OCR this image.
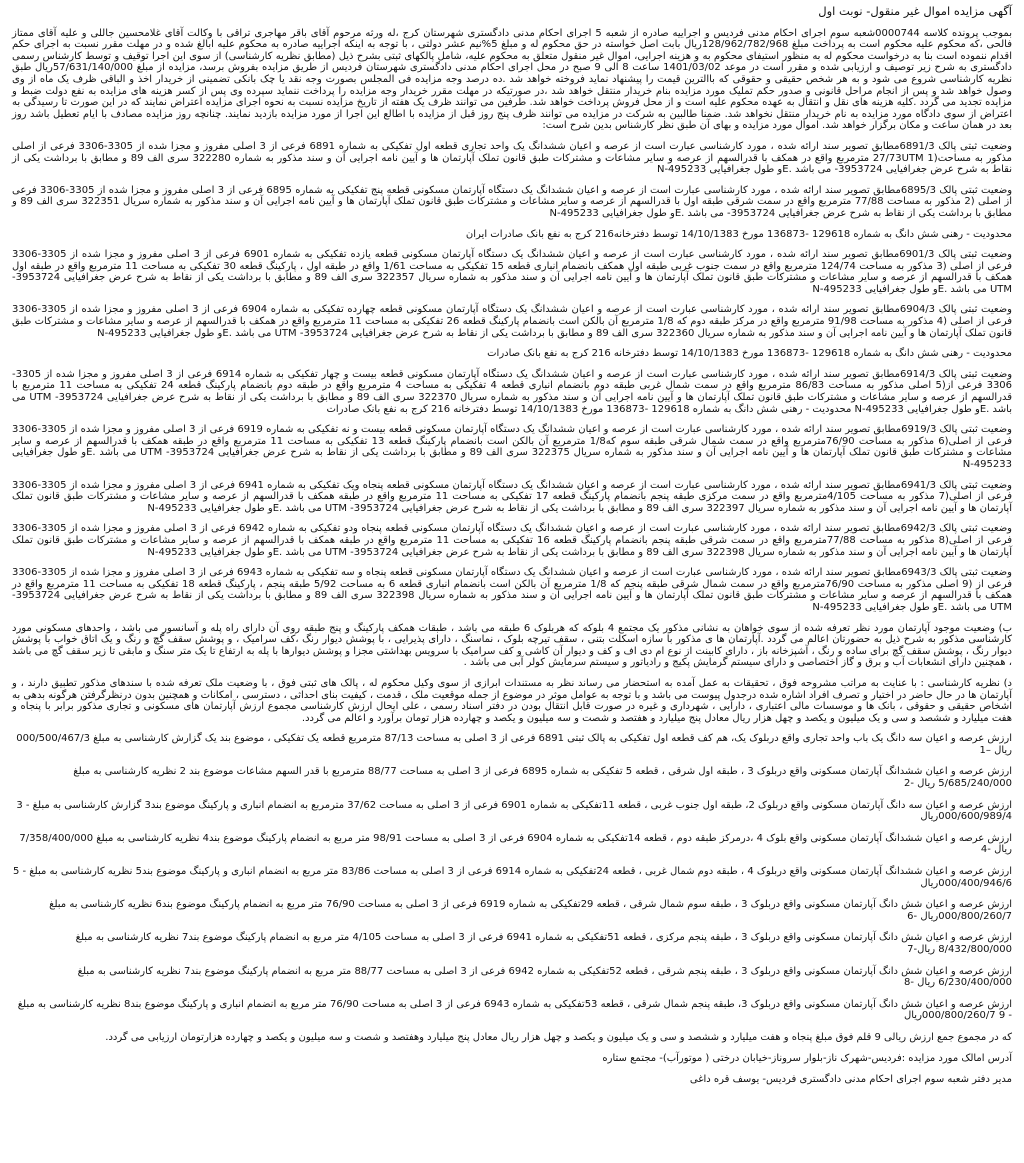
آگهی مزایده اموال غیر منقول- نوبت اول
بموجب پرونده کلاسه 0000744شعبه سوم اجرای احکام مدنی فردیس و اجراییه صادره از شعبه 5 اجرای احکام مدنی دادگستری شهرستان کرج ،له ورثه مرحوم آقای باقر مهاجری تراقی با وکالت آقای غلامحسین جاللی و علیه آقای ممتاز فالحی ،که محکوم علیه محکوم است به پرداخت مبلغ 128/962/782/968ریال بابت اصل خواسته در حق محکوم له و مبلغ 5%نیم عشر دولتی ، با توجه به اینکه اجراییه صادره به محکوم علیه ابالغ شده و در مهلت مقرر نسبت به اجرای حکم اقدام ننموده است بنا به درخواست محکوم له به منظور استیفای محکوم به و هزینه اجرایی، اموال غیر منقول متعلق به محکوم علیه، شامل پالکهای ثبتی بشرح ذیل (مطابق نظریه کارشناسی) از سوی این اجرا توقیف و توسط کارشناس رسمی دادگستری به شرح زیر توصیف و ارزیابی شده و مقرر است در موعد 1401/03/02 ساعت 8 الی 9 صبح در محل اجرای احکام مدنی دادگستری شهرستان فردیس از طریق مزایده بفروش برسد، مزایده از مبلغ 57/631/140/000ریال طبق نظریه کارشناسی شروع می شود و به هر شخص حقیقی و حقوقی که باالترین قیمت را پیشنهاد نماید فروخته خواهد شد .ده درصد وجه مزایده فی المجلس بصورت وجه نقد یا چک بانکی تضمینی از خریدار اخذ و الباقی ظرف یک ماه از وی وصول خواهد شد و پس از انجام مراحل قانونی و صدور حکم تملیک مورد مزایده بنام خریدار منتقل خواهد شد ،در صورتیکه در مهلت مقرر خریدار وجه مزایده را پرداخت ننماید سپرده وی پس از کسر هزینه های مزایده به نفع دولت ضبط و مزایده تجدید می گردد .کلیه هزینه های نقل و انتقال به عهده محکوم علیه است و از محل فروش پرداخت خواهد شد. طرفین می توانند ظرف یک هفته از تاریخ مزایده نسبت به نحوه اجرای مزایده اعتراض نمایند که در این صورت تا رسیدگی به اعتراض از سوی دادگاه مورد مزایده به نام خریدار منتقل نخواهد شد. ضمنا طالبین به شرکت در مزایده می توانند ظرف پنج روز قبل از مزایده با اطالع این اجرا از مورد مزایده بازدید نمایند. چنانچه روز مزایده مصادف با ایام تعطیل باشد روز بعد در همان ساعت و مکان برگزار خواهد شد. اموال مورد مزایده و بهای آن طبق نظر کارشناس بدین شرح است:
وضعیت ثبتی پالک 6891/3مطابق تصویر سند ارائه شده ، مورد کارشناسی عبارت است از عرصه و اعیان ششدانگ یک واحد تجاری قطعه اول تفکیکی به شماره 6891 فرعی از 3 اصلی مفروز و مجزا شده از 3305-3306 فرعی از اصلی مذکور به مساحت(1 27/73UTM مترمربع واقع در همکف با قدرالسهم از عرصه و سایر مشاعات و مشترکات طبق قانون تملک آپارتمان ها و آیین نامه اجرایی آن و سند مذکور به شماره 322280 سری الف 89 و مطابق با برداشت یکی از نقاط به شرح عرض جغرافیایی 3953724- می باشد .Eو طول جغرافیایی 495233-N
وضعیت ثبتی پالک 6895/3مطابق تصویر سند ارائه شده ، مورد کارشناسی عبارت است از عرصه و اعیان ششدانگ یک دستگاه آپارتمان مسکونی قطعه پنج تفکیکی به شماره 6895 فرعی از 3 اصلی مفروز و مجزا شده از 3305-3306 فرعی از اصلی (2 مذکور به مساحت 77/88 مترمربع واقع در سمت شرقی طبقه اول با قدرالسهم از عرصه و سایر مشاعات و مشترکات طبق قانون تملک آپارتمان ها و آیین نامه اجرایی آن و سند مذکور به شماره سریال 322351 سری الف 89 و مطابق با برداشت یکی از نقاط به شرح عرض جغرافیایی 3953724- می باشد .Eو طول جغرافیایی 495233-N
محدودیت - رهنی شش دانگ به شماره 129618 -136873 مورخ 14/10/1383 توسط دفترخانه216 کرج به نفع بانک صادرات ایران
وضعیت ثبتی پالک 6901/3مطابق تصویر سند ارائه شده ، مورد کارشناسی عبارت است از عرصه و اعیان ششدانگ یک دستگاه آپارتمان مسکونی قطعه یازده تفکیکی به شماره 6901 فرعی از 3 اصلی مفروز و مجزا شده از 3305-3306 فرعی از اصلی (3 مذکور به مساحت 124/74 مترمربع واقع در سمت جنوب غربی طبقه اول همکف بانضمام انباری قطعه 15 تفکیکی به مساحت 1/61 واقع در طبقه اول ، پارکینگ قطعه 30 تفکیکی به مساحت 11 مترمربع واقع در طبقه اول همکف با قدرالسهم از عرصه و سایر مشاعات و مشترکات طبق قانون تملک آپارتمان ها و آیین نامه اجرایی آن و سند مذکور به شماره سریال 322357 سری الف 89 و مطابق با برداشت یکی از نقاط به شرح عرض جغرافیایی 3953724- UTM می باشد .Eو طول جغرافیایی 495233-N
وضعیت ثبتی پالک 6904/3مطابق تصویر سند ارائه شده ، مورد کارشناسی عبارت است از عرصه و اعیان ششدانگ یک دستگاه آپارتمان مسکونی قطعه چهارده تفکیکی به شماره 6904 فرعی از 3 اصلی مفروز و مجزا شده از 3305-3306 فرعی از اصلی (4 مذکور به مساحت 91/98 مترمربع واقع در مرکز طبقه دوم که 1/8 مترمربع آن بالکن است بانضمام پارکینگ قطعه 26 تفکیکی به مساحت 11 مترمربع واقع در همکف با قدرالسهم از عرصه و سایر مشاعات و مشترکات طبق قانون تملک آپارتمان ها و آیین نامه اجرایی آن و سند مذکور به شماره سریال 322360 سری الف 89 و مطابق با برداشت یکی از نقاط به شرح عرض جغرافیایی 3953724- UTM می باشد .Eو طول جغرافیایی 495233-N
محدودیت - رهنی شش دانگ به شماره 129618 -136873 مورخ 14/10/1383 توسط دفترخانه 216 کرج به نفع بانک صادرات
وضعیت ثبتی پالک 6914/3مطابق تصویر سند ارائه شده ، مورد کارشناسی عبارت است از عرصه و اعیان ششدانگ یک دستگاه آپارتمان مسکونی قطعه بیست و چهار تفکیکی به شماره 6914 فرعی از 3 اصلی مفروز و مجزا شده از 3305-3306 فرعی از(5 اصلی مذکور به مساحت 86/83 مترمربع واقع در سمت شمال غربی طبقه دوم بانضمام انباری قطعه 4 تفکیکی به مساحت 4 مترمربع واقع در طبقه دوم بانضمام پارکینگ قطعه 24 تفکیکی به مساحت 11 مترمربع با قدرالسهم از عرصه و سایر مشاعات و مشترکات طبق قانون تملک آپارتمان ها و آیین نامه اجرایی آن و سند مذکور به شماره سریال 322370 سری الف 89 و مطابق با برداشت یکی از نقاط به شرح عرض جغرافیایی 3953724- UTM می باشد .Eو طول جغرافیایی 495233-N محدودیت - رهنی شش دانگ به شماره 129618 -136873 مورخ 14/10/1383 توسط دفترخانه 216 کرج به نفع بانک صادرات
وضعیت ثبتی پالک 6919/3مطابق تصویر سند ارائه شده ، مورد کارشناسی عبارت است از عرصه و اعیان ششدانگ یک دستگاه آپارتمان مسکونی قطعه بیست و نه تفکیکی به شماره 6919 فرعی از 3 اصلی مفروز و مجزا شده از 3305-3306 فرعی از اصلی(6 مذکور به مساحت 76/90مترمربع واقع در سمت شمال شرقی طبقه سوم که1/8 مترمربع آن بالکن است بانضمام پارکینگ قطعه 13 تفکیکی به مساحت 11 مترمربع واقع در طبقه همکف با قدرالسهم از عرصه و سایر مشاعات و مشترکات طبق قانون تملک آپارتمان ها و آیین نامه اجرایی آن و سند مذکور به شماره سریال 322375 سری الف 89 و مطابق با برداشت یکی از نقاط به شرح عرض جغرافیایی 3953724- UTM می باشد .Eو طول جغرافیایی 495233-N
وضعیت ثبتی پالک 6941/3مطابق تصویر سند ارائه شده ، مورد کارشناسی عبارت است از عرصه و اعیان ششدانگ یک دستگاه آپارتمان مسکونی قطعه پنجاه ویک تفکیکی به شماره 6941 فرعی از 3 اصلی مفروز و مجزا شده از 3305-3306 فرعی از اصلی(7 مذکور به مساحت 4/105مترمربع واقع در سمت مرکزی طبقه پنجم بانضمام پارکینگ قطعه 17 تفکیکی به مساحت 11 مترمربع واقع در طبقه همکف با قدرالسهم از عرصه و سایر مشاعات و مشترکات طبق قانون تملک آپارتمان ها و آیین نامه اجرایی آن و سند مذکور به شماره سریال 322397 سری الف 89 و مطابق با برداشت یکی از نقاط به شرح عرض جغرافیایی 3953724- UTM می باشد .Eو طول جغرافیایی 495233-N
وضعیت ثبتی پالک 6942/3مطابق تصویر سند ارائه شده ، مورد کارشناسی عبارت است از عرصه و اعیان ششدانگ یک دستگاه آپارتمان مسکونی قطعه پنجاه ودو تفکیکی به شماره 6942 فرعی از 3 اصلی مفروز و مجزا شده از 3305-3306 فرعی از اصلی(8 مذکور به مساحت 77/88مترمربع واقع در سمت شرقی طبقه پنجم بانضمام پارکینگ قطعه 16 تفکیکی به مساحت 11 مترمربع واقع در طبقه همکف با قدرالسهم از عرصه و سایر مشاعات و مشترکات طبق قانون تملک آپارتمان ها و آیین نامه اجرایی آن و سند مذکور به شماره سریال 322398 سری الف 89 و مطابق با برداشت یکی از نقاط به شرح عرض جغرافیایی 3953724- UTM می باشد .Eو طول جغرافیایی 495233-N
وضعیت ثبتی پالک 6943/3مطابق تصویر سند ارائه شده ، مورد کارشناسی عبارت است از عرصه و اعیان ششدانگ یک دستگاه آپارتمان مسکونی قطعه پنجاه و سه تفکیکی به شماره 6943 فرعی از 3 اصلی مفروز و مجزا شده از 3305-3306 فرعی از (9 اصلی مذکور به مساحت 76/90مترمربع واقع در سمت شمال شرقی طبقه پنجم که 1/8 مترمربع آن بالکن است بانضمام انباری قطعه 6 به مساحت 5/92 طبقه پنجم ، پارکینگ قطعه 18 تفکیکی به مساحت 11 مترمربع واقع در همکف با قدرالسهم از عرصه و سایر مشاعات و مشترکات طبق قانون تملک آپارتمان ها و آیین نامه اجرایی آن و سند مذکور به شماره سریال 322398 سری الف 89 و مطابق با برداشت یکی از نقاط به شرح عرض جغرافیایی 3953724- UTM می باشد .Eو طول جغرافیایی 495233-N
ب) وضعیت موجود آپارتمان مورد نظر تعرفه شده از سوی خواهان به نشانی مذکور یک مجتمع 4 بلوکه که هربلوک 6 طبقه می باشد ، طبقات همکف پارکینگ و پنج طبقه روی آن دارای راه پله و آسانسور می باشد ، واحدهای مسکونی مورد کارشناسی مذکور به شرح ذیل به حضورتان اعالم می گردد .آپارتمان ها ی مذکور با سازه اسکلت بتنی ، سقف تیرچه بلوک ، نماسنگ ، دارای پذیرایی ، با پوشش دیوار رنگ ،کف سرامیک ، و پوشش سقف گچ و رنگ و یک اتاق خواب با پوشش دیوار رنگ ، پوشش سقف گچ برای ساده و رنگ ، آشپزخانه باز ، دارای کابینت از نوع ام دی اف و کف و دیوار آن کاشی و کف سرامیک با سرویس بهداشتی مجزا و پوشش دیوارها با پله به ارتفاع تا یک متر سنگ و مابقی تا زیر سقف گچ می باشد ، همچنین دارای انشعابات آب و برق و گاز اختصاصی و دارای سیستم گرمایش پکیج و رادیاتور و سیستم سرمایش کولر آبی می باشد .
د) نظریه کارشناسی : با عنایت به مراتب مشروحه فوق ، تحقیقات به عمل آمده به استحضار می رساند نظر به مستندات ابرازی از سوی وکیل محکوم له ، پالک های ثبتی فوق ، با وضعیت ملک تعرفه شده با سندهای مذکور تطبیق دارند ، و آپارتمان ها در حال حاضر در اختیار و تصرف افراد اشاره شده درجدول پیوست می باشد و با توجه به عوامل موثر در موضوع از جمله موقعیت ملک ، قدمت ، کیفیت بنای احداثی ، دسترسی ، امکانات و همچنین بدون درنظرگرفتن هرگونه بدهی به اشخاص حقیقی و حقوقی ، بانک ها و موسسات مالی اعتباری ، دارایی ، شهرداری و غیره در صورت قابل انتقال بودن در دفتر اسناد رسمی ، علی ایحال ارزش کارشناسی مجموع ارزش آپارتمان های مسکونی و تجاری مذکور برابر با پنجاه و هفت میلیارد و ششصد و سی و یک میلیون و یکصد و چهل هزار ریال معادل پنج میلیارد و هفتصد و شصت و سه میلیون و یکصد و چهارده هزار تومان برآورد و اعالم می گردد.
ارزش عرصه و اعیان سه دانگ یک باب واحد تجاری واقع دربلوک یک، هم کف قطعه اول تفکیکی به پالک ثبتی 6891 فرعی از 3 اصلی به مساحت 87/13 مترمربع قطعه یک تفکیکی ، موضوع بند یک گزارش کارشناسی به مبلغ 000/500/467/3 ریال –1
ارزش عرصه و اعیان ششدانگ آپارتمان مسکونی واقع دربلوک 3 ، طبقه اول شرقی ، قطعه 5 تفکیکی به شماره 6895 فرعی از 3 اصلی به مساحت 88/77 مترمربع با قدر السهم مشاعات موضوع بند 2 نظریه کارشناسی به مبلغ 5/685/240/000 ریال -2
ارزش عرصه و اعیان سه دانگ آپارتمان مسکونی واقع دربلوک 2، طبقه اول جنوب غربی ، قطعه 11تفکیکی به شماره 6901 فرعی از 3 اصلی به مساحت 37/62 مترمربع به انضمام انباری و پارکینگ موضوع بند3 گزارش کارشناسی به مبلغ - 3 000/600/989/4ریال
ارزش عرصه و اعیان ششدانگ آپارتمان مسکونی واقع بلوک 4 ،درمرکز طبقه دوم ، قطعه 14تفکیکی به شماره 6904 فرعی از 3 اصلی به مساحت 98/91 متر مربع به انضمام پارکینگ موضوع بند4 نظریه کارشناسی به مبلغ 7/358/400/000 ریال -4
ارزش عرصه و اعیان ششدانگ آپارتمان مسکونی واقع دربلوک 4 ، طبقه دوم شمال غربی ، قطعه 24تفکیکی به شماره 6914 فرعی از 3 اصلی به مساحت 83/86 متر مربع به انضمام انباری و پارکینگ موضوع بند5 نظریه کارشناسی به مبلغ - 5 000/400/946/6ریال
ارزش عرصه و اعیان شش دانگ آپارتمان مسکونی واقع دربلوک 3 ، طبقه سوم شمال شرقی ، قطعه 29تفکیکی به شماره 6919 فرعی از 3 اصلی به مساحت 76/90 متر مربع به انضمام پارکینگ موضوع بند6 نظریه کارشناسی به مبلغ 000/800/260/7ریال -6
ارزش عرصه و اعیان شش دانگ آپارتمان مسکونی واقع دربلوک 3 ، طبقه پنجم مرکزی ، قطعه 51تفکیکی به شماره 6941 فرعی از 3 اصلی به مساحت 4/105 متر مربع به انضمام پارکینگ موضوع بند7 نظریه کارشناسی به مبلغ 8/432/800/000 ریال-7
ارزش عرصه و اعیان شش دانگ آپارتمان مسکونی واقع دربلوک 3 ، طبقه پنجم شرقی ، قطعه 52تفکیکی به شماره 6942 فرعی از 3 اصلی به مساحت 88/77 متر مربع به انضمام پارکینگ موضوع بند7 نظریه کارشناسی به مبلغ 6/230/400/000 ریال -8
ارزش عرصه و اعیان شش دانگ آپارتمان مسکونی واقع دربلوک 3، طبقه پنجم شمال شرقی ، قطعه 53تفکیکی به شماره 6943 فرعی از 3 اصلی به مساحت 76/90 متر مربع به انضمام انباری و پارکینگ موضوع بند8 نظریه کارشناسی به مبلغ - 9 000/800/260/7ریال
که در مجموع جمع ارزش ریالی 9 قلم فوق مبلغ پنجاه و هفت میلیارد و ششصد و سی و یک میلیون و یکصد و چهل هزار ریال معادل پنج میلیارد وهفتصد و شصت و سه میلیون و یکصد و چهارده هزارتومان ارزیابی می گردد.
آدرس امالک مورد مزایده :فردیس-شهرک ناز-بلوار سروناز-خیابان درختی ( موتورآب)- مجتمع ستاره
مدیر دفتر شعبه سوم اجرای احکام مدنی دادگستری فردیس- یوسف قره داغی
